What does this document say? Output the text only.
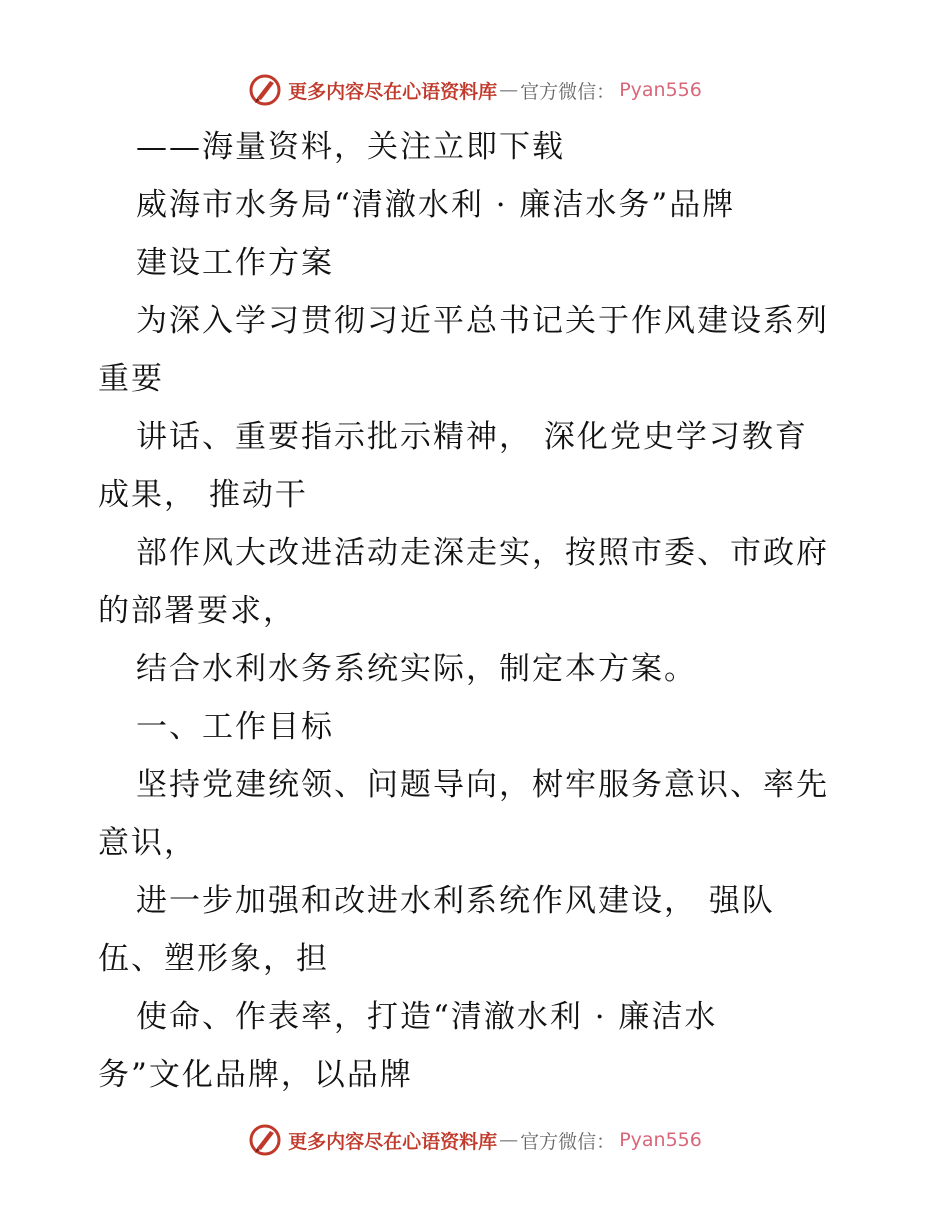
更多内容尽在心语资料库 — 官方微信： Pyan556
——海量资料，关注立即下载
威海市水务局“清澈水利 · 廉洁水务”品牌
建设工作方案
为深入学习贯彻习近平总书记关于作风建设系列
重要
讲话、重要指示批示精神， 深化党史学习教育
成果， 推动干
部作风大改进活动走深走实，按照市委、市政府
的部署要求，
结合水利水务系统实际，制定本方案。
一、工作目标
坚持党建统领、问题导向，树牢服务意识、率先
意识，
进一步加强和改进水利系统作风建设， 强队
伍、塑形象，担
使命、作表率，打造“清澈水利 · 廉洁水
务”文化品牌，以品牌
更多内容尽在心语资料库 — 官方微信： Pyan556
